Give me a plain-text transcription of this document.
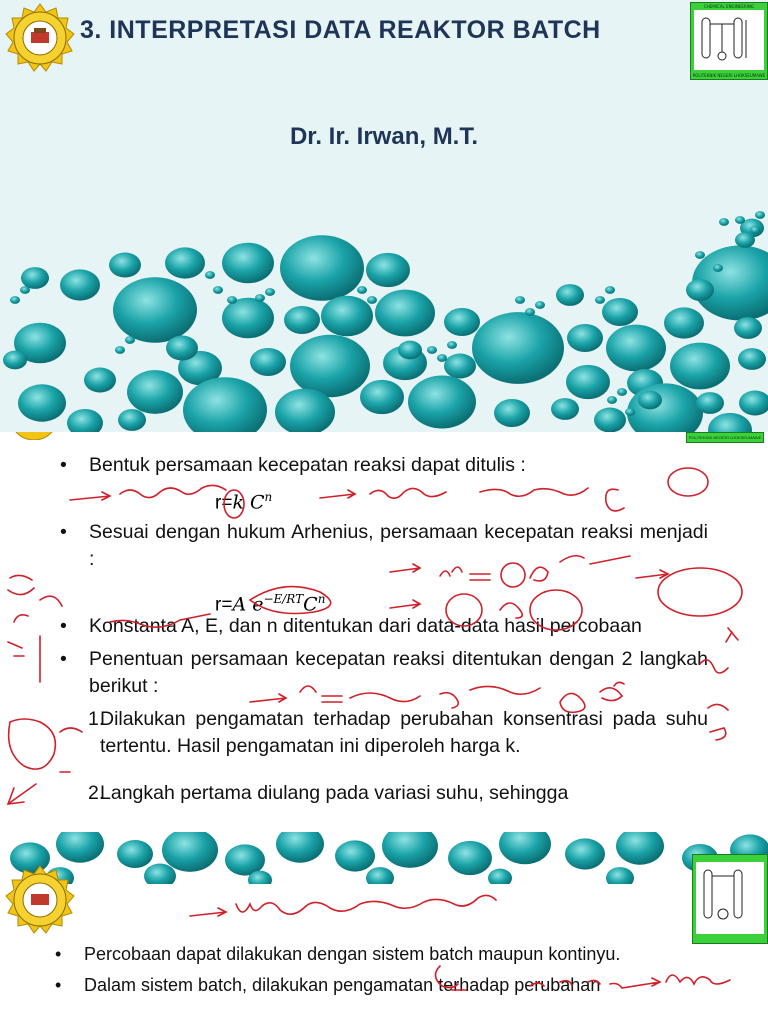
3. INTERPRETASI DATA REAKTOR BATCH
Dr. Ir. Irwan, M.T.
CHEMICAL ENGINEERING
POLITEKNIK NEGERI LHOKSEUMAWE

• Bentuk persamaan kecepatan reaksi dapat ditulis :

• Sesuai dengan hukum Arhenius, persamaan kecepatan reaksi menjadi :

• Konstanta A, E, dan n ditentukan dari data-data hasil percobaan

• Penentuan persamaan kecepatan reaksi ditentukan dengan 2 langkah berikut :

1.
Dilakukan pengamatan terhadap perubahan konsentrasi pada suhu tertentu. Hasil pengamatan ini diperoleh harga k.

2.
Langkah pertama diulang pada variasi suhu, sehingga

r=k $C^n$
r=A $e^{-E/RT}C^n$
POLITEKNIK NEGERI LHOKSEUMAWE

• Percobaan dapat dilakukan dengan sistem batch maupun kontinyu.

• Dalam sistem batch, dilakukan pengamatan terhadap perubahan
